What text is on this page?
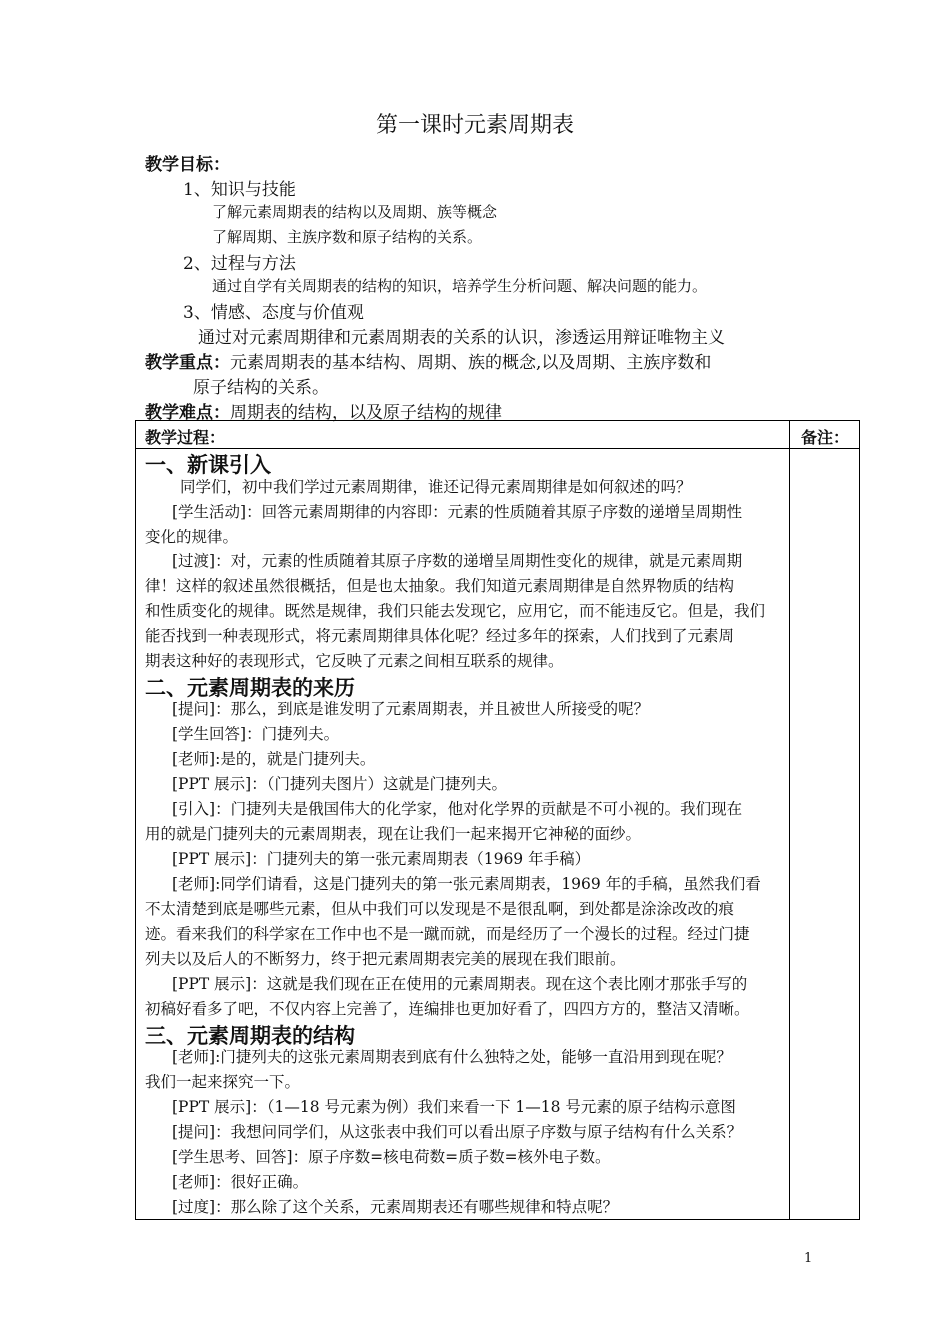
第一课时元素周期表
教学目标：
1、知识与技能
了解元素周期表的结构以及周期、族等概念
了解周期、主族序数和原子结构的关系。
2、过程与方法
通过自学有关周期表的结构的知识，培养学生分析问题、解决问题的能力。
3、情感、态度与价值观
通过对元素周期律和元素周期表的关系的认识，渗透运用辩证唯物主义
教学重点：元素周期表的基本结构、周期、族的概念,以及周期、主族序数和
原子结构的关系。
教学难点：周期表的结构，以及原子结构的规律
教学过程：	备注：
一、新课引入
同学们，初中我们学过元素周期律，谁还记得元素周期律是如何叙述的吗？
[学生活动]：回答元素周期律的内容即：元素的性质随着其原子序数的递增呈周期性
变化的规律。
[过渡]：对，元素的性质随着其原子序数的递增呈周期性变化的规律，就是元素周期
律！这样的叙述虽然很概括，但是也太抽象。我们知道元素周期律是自然界物质的结构
和性质变化的规律。既然是规律，我们只能去发现它，应用它，而不能违反它。但是，我们
能否找到一种表现形式，将元素周期律具体化呢？经过多年的探索，人们找到了元素周
期表这种好的表现形式，它反映了元素之间相互联系的规律。
二、元素周期表的来历
[提问]：那么，到底是谁发明了元素周期表，并且被世人所接受的呢？
[学生回答]：门捷列夫。
[老师]:是的，就是门捷列夫。
[PPT 展示]：（门捷列夫图片）这就是门捷列夫。
[引入]：门捷列夫是俄国伟大的化学家，他对化学界的贡献是不可小视的。我们现在
用的就是门捷列夫的元素周期表，现在让我们一起来揭开它神秘的面纱。
[PPT 展示]：门捷列夫的第一张元素周期表（1969 年手稿）
[老师]:同学们请看，这是门捷列夫的第一张元素周期表，1969 年的手稿，虽然我们看
不太清楚到底是哪些元素，但从中我们可以发现是不是很乱啊，到处都是涂涂改改的痕
迹。看来我们的科学家在工作中也不是一蹴而就，而是经历了一个漫长的过程。经过门捷
列夫以及后人的不断努力，终于把元素周期表完美的展现在我们眼前。
[PPT 展示]：这就是我们现在正在使用的元素周期表。现在这个表比刚才那张手写的
初稿好看多了吧，不仅内容上完善了，连编排也更加好看了，四四方方的，整洁又清晰。
三、元素周期表的结构
[老师]:门捷列夫的这张元素周期表到底有什么独特之处，能够一直沿用到现在呢？
我们一起来探究一下。
[PPT 展示]：（1—18 号元素为例）我们来看一下 1—18 号元素的原子结构示意图
[提问]：我想问同学们，从这张表中我们可以看出原子序数与原子结构有什么关系？
[学生思考、回答]：原子序数=核电荷数=质子数=核外电子数。
[老师]：很好正确。
[过度]：那么除了这个关系，元素周期表还有哪些规律和特点呢？
1
